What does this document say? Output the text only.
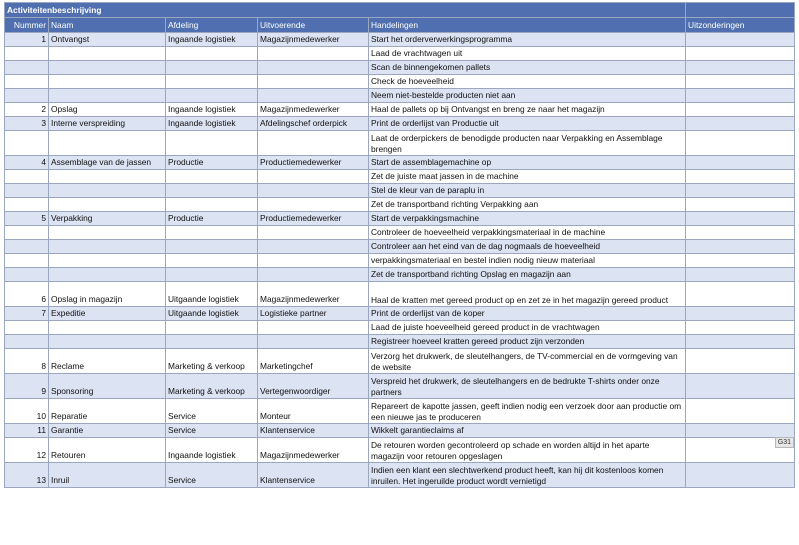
Activiteitenbeschrijving					
Nummer	Naam	Afdeling	Uitvoerende	Handelingen	Uitzonderingen
1	Ontvangst	Ingaande logistiek	Magazijnmedewerker	Start het orderverwerkingsprogramma	
				Laad de vrachtwagen uit	
				Scan de binnengekomen pallets	
				Check de hoeveelheid	
				Neem niet-bestelde producten niet aan	
2	Opslag	Ingaande logistiek	Magazijnmedewerker	Haal de pallets op bij Ontvangst en breng ze naar het magazijn	
3	Interne verspreiding	Ingaande logistiek	Afdelingschef orderpick	Print de orderlijst van Productie uit	
				Laat de orderpickers de benodigde producten naar Verpakking en Assemblage brengen	
4	Assemblage van de jassen	Productie	Productiemedewerker	Start de assemblagemachine op	
				Zet de juiste maat jassen in de machine	
				Stel de kleur van de paraplu in	
				Zet de transportband richting Verpakking aan	
5	Verpakking	Productie	Productiemedewerker	Start de verpakkingsmachine	
				Controleer de hoeveelheid verpakkingsmateriaal in de machine	
				Controleer aan het eind van de dag nogmaals de hoeveelheid	
				verpakkingsmateriaal en bestel indien nodig nieuw materiaal	
				Zet de transportband richting Opslag en magazijn aan	
6	Opslag in magazijn	Uitgaande logistiek	Magazijnmedewerker	Haal de kratten met gereed product op en zet ze in het magazijn gereed product	
7	Expeditie	Uitgaande logistiek	Logistieke partner	Print de orderlijst van de koper	
				Laad de juiste hoeveelheid gereed product in de vrachtwagen	
				Registreer hoeveel kratten gereed product zijn verzonden	
8	Reclame	Marketing & verkoop	Marketingchef	Verzorg het drukwerk, de sleutelhangers, de TV-commercial en de vormgeving van de website	
9	Sponsoring	Marketing & verkoop	Vertegenwoordiger	Verspreid het drukwerk, de sleutelhangers en de bedrukte T-shirts onder onze partners	
10	Reparatie	Service	Monteur	Repareert de kapotte jassen, geeft indien nodig een verzoek door aan productie om een nieuwe jas te produceren	
11	Garantie	Service	Klantenservice	Wikkelt garantieclaims af	
12	Retouren	Ingaande logistiek	Magazijnmedewerker	De retouren worden gecontroleerd op schade en worden altijd in het aparte magazijn voor retouren opgeslagen	
13	Inruil	Service	Klantenservice	Indien een klant een slechtwerkend product heeft, kan hij dit kostenloos komen inruilen. Het ingeruilde product wordt vernietigd	
G31
